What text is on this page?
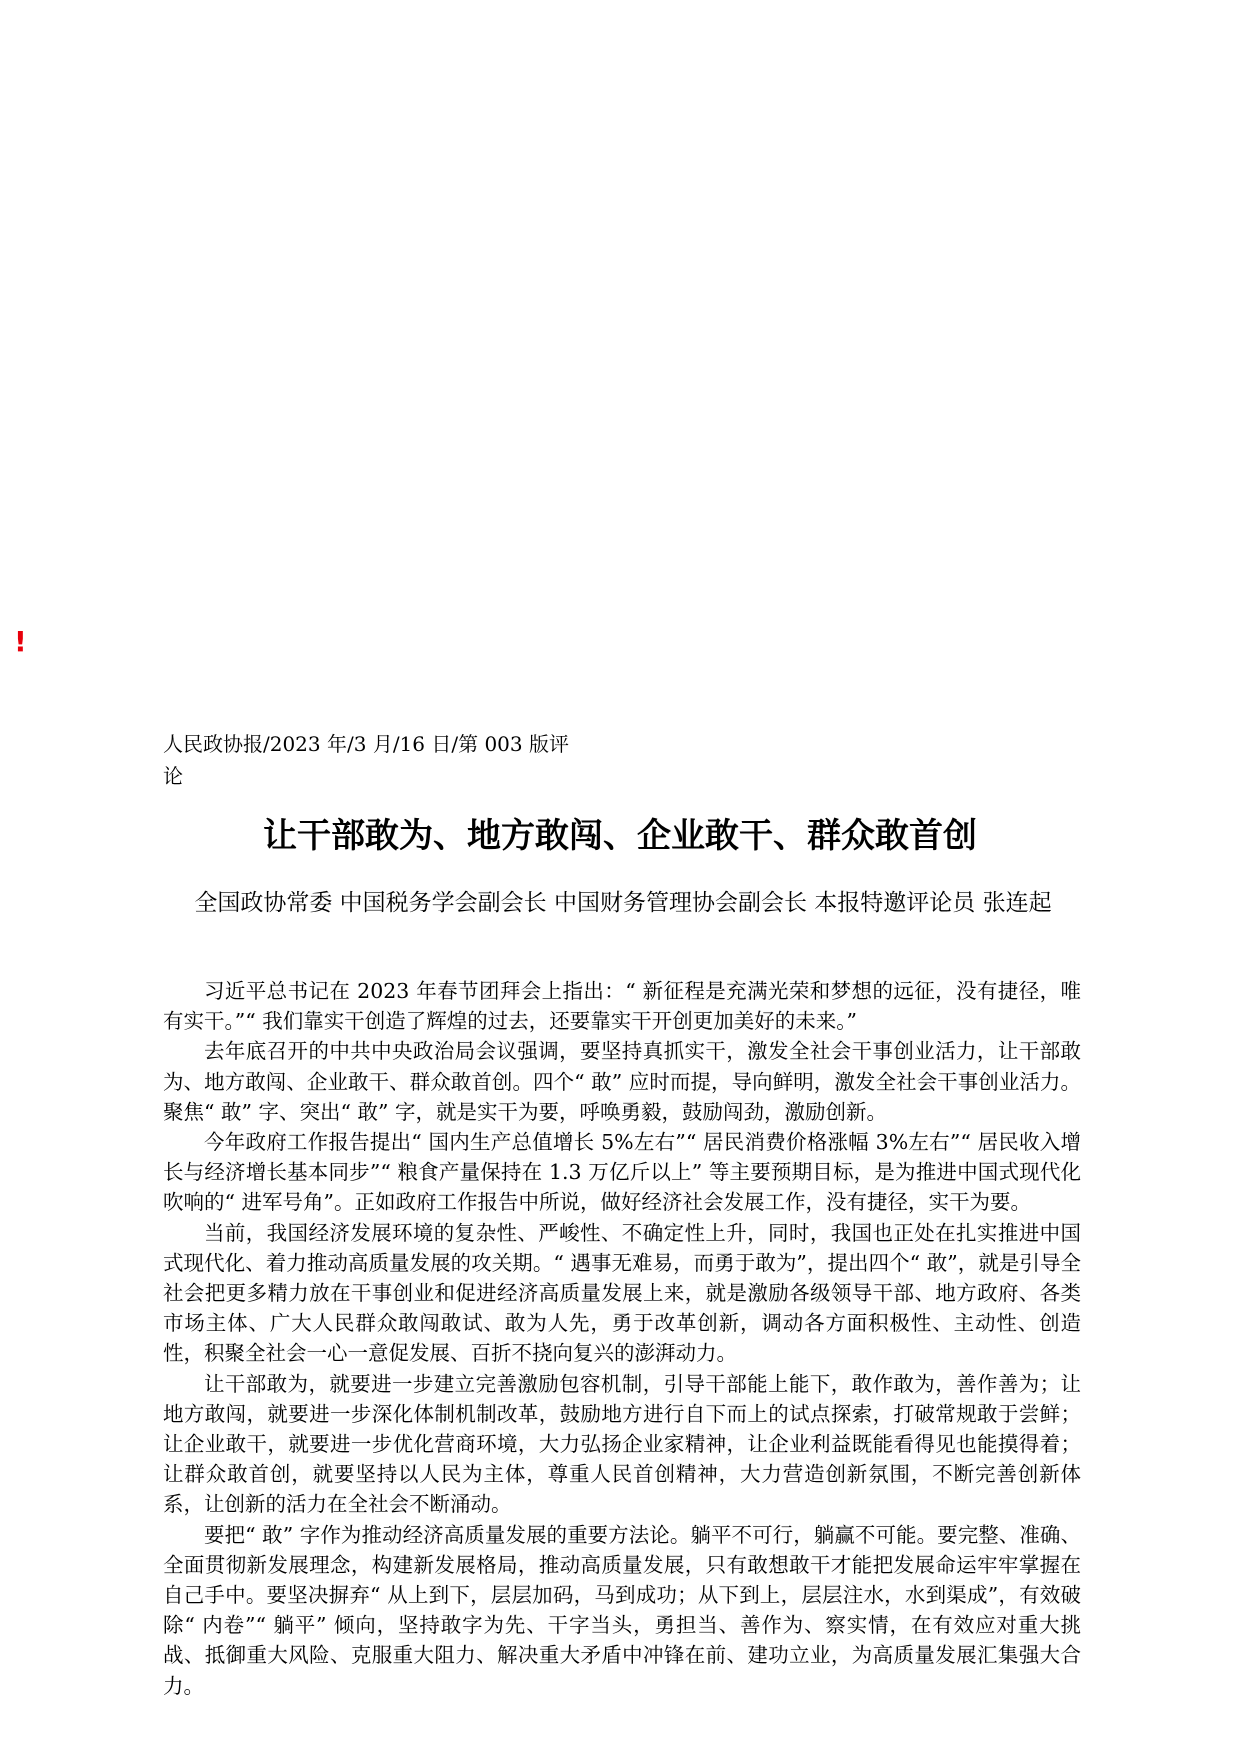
!
人民政协报/2023 年/3 月/16 日/第 003 版评论
让干部敢为、地方敢闯、企业敢干、群众敢首创
全国政协常委 中国税务学会副会长 中国财务管理协会副会长 本报特邀评论员 张连起

习近平总书记在 2023 年春节团拜会上指出：“ 新征程是充满光荣和梦想的远征，没有捷径，唯有实干。”“ 我们靠实干创造了辉煌的过去，还要靠实干开创更加美好的未来。”

去年底召开的中共中央政治局会议强调，要坚持真抓实干，激发全社会干事创业活力，让干部敢为、地方敢闯、企业敢干、群众敢首创。四个“ 敢” 应时而提，导向鲜明，激发全社会干事创业活力。聚焦“ 敢” 字、突出“ 敢” 字，就是实干为要，呼唤勇毅，鼓励闯劲，激励创新。

今年政府工作报告提出“ 国内生产总值增长 5%左右”“ 居民消费价格涨幅 3%左右”“ 居民收入增长与经济增长基本同步”“ 粮食产量保持在 1.3 万亿斤以上” 等主要预期目标，是为推进中国式现代化吹响的“ 进军号角”。正如政府工作报告中所说，做好经济社会发展工作，没有捷径，实干为要。

当前，我国经济发展环境的复杂性、严峻性、不确定性上升，同时，我国也正处在扎实推进中国式现代化、着力推动高质量发展的攻关期。“ 遇事无难易，而勇于敢为”，提出四个“ 敢”，就是引导全社会把更多精力放在干事创业和促进经济高质量发展上来，就是激励各级领导干部、地方政府、各类市场主体、广大人民群众敢闯敢试、敢为人先，勇于改革创新，调动各方面积极性、主动性、创造性，积聚全社会一心一意促发展、百折不挠向复兴的澎湃动力。

让干部敢为，就要进一步建立完善激励包容机制，引导干部能上能下，敢作敢为，善作善为；让地方敢闯，就要进一步深化体制机制改革，鼓励地方进行自下而上的试点探索，打破常规敢于尝鲜；让企业敢干，就要进一步优化营商环境，大力弘扬企业家精神，让企业利益既能看得见也能摸得着；让群众敢首创，就要坚持以人民为主体，尊重人民首创精神，大力营造创新氛围，不断完善创新体系，让创新的活力在全社会不断涌动。

要把“ 敢” 字作为推动经济高质量发展的重要方法论。躺平不可行，躺赢不可能。要完整、准确、全面贯彻新发展理念，构建新发展格局，推动高质量发展，只有敢想敢干才能把发展命运牢牢掌握在自己手中。要坚决摒弃“ 从上到下，层层加码，马到成功；从下到上，层层注水，水到渠成”，有效破除“ 内卷”“ 躺平” 倾向，坚持敢字为先、干字当头，勇担当、善作为、察实情，在有效应对重大挑战、抵御重大风险、克服重大阻力、解决重大矛盾中冲锋在前、建功立业，为高质量发展汇集强大合力。
